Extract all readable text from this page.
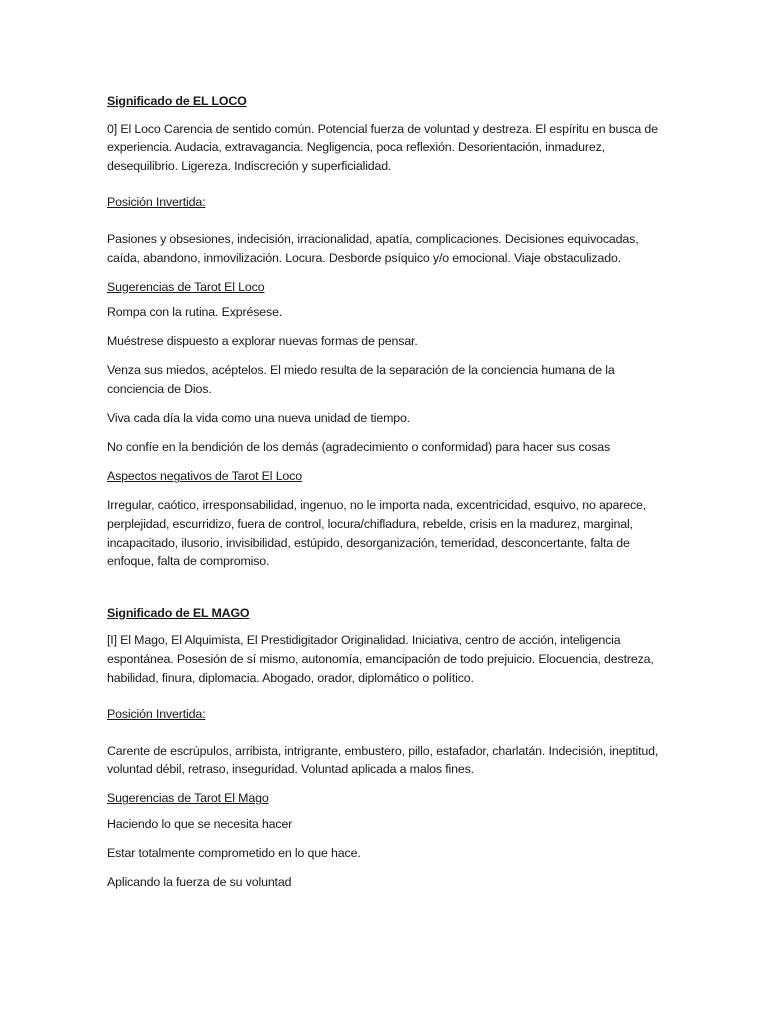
Significado de EL LOCO

0] El Loco Carencia de sentido común. Potencial fuerza de voluntad y destreza. El espíritu en busca de experiencia. Audacia, extravagancia. Negligencia, poca reflexión. Desorientación, inmadurez, desequilibrio. Ligereza. Indiscreción y superficialidad.

Posición Invertida:

Pasiones y obsesiones, indecisión, irracionalidad, apatía, complicaciones. Decisiones equivocadas, caída, abandono, inmovilización. Locura. Desborde psíquico y/o emocional. Viaje obstaculizado.

Sugerencias de Tarot El Loco

Rompa con la rutina. Exprésese.

Muéstrese dispuesto a explorar nuevas formas de pensar.

Venza sus miedos, acéptelos. El miedo resulta de la separación de la conciencia humana de la conciencia de Dios.

Viva cada día la vida como una nueva unidad de tiempo.

No confíe en la bendición de los demás (agradecimiento o conformidad) para hacer sus cosas

Aspectos negativos de Tarot El Loco

Irregular, caótico, irresponsabilidad, ingenuo, no le importa nada, excentricidad, esquivo, no aparece, perplejidad, escurridizo, fuera de control, locura/chifladura, rebelde, crisis en la madurez, marginal, incapacitado, ilusorio, invisibilidad, estúpido, desorganización, temeridad, desconcertante, falta de enfoque, falta de compromiso.

Significado de EL MAGO

[I] El Mago, El Alquimista, El Prestidigitador Originalidad. Iniciativa, centro de acción, inteligencia espontánea. Posesión de sí mismo, autonomía, emancipación de todo prejuicio. Elocuencia, destreza, habilidad, finura, diplomacia. Abogado, orador, diplomático o político.

Posición Invertida:

Carente de escrúpulos, arribista, intrigrante, embustero, pillo, estafador, charlatán. Indecisión, ineptitud, voluntad débil, retraso, inseguridad. Voluntad aplicada a malos fines.

Sugerencias de Tarot El Mago

Haciendo lo que se necesita hacer

Estar totalmente comprometido en lo que hace.

Aplicando la fuerza de su voluntad
